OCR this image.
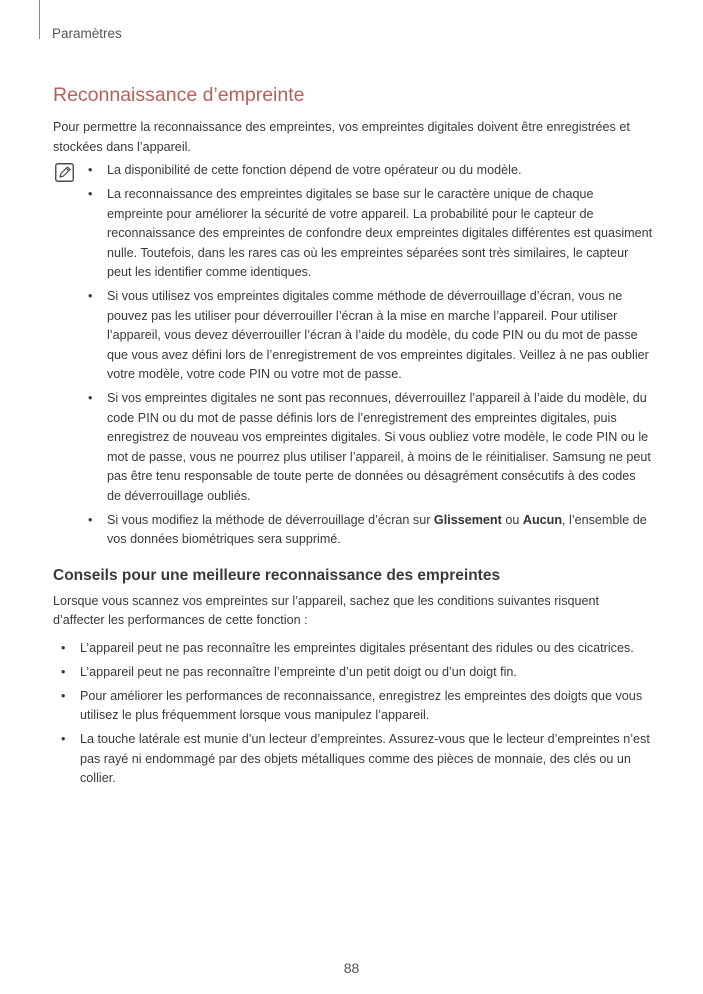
Paramètres
Reconnaissance d’empreinte

Pour permettre la reconnaissance des empreintes, vos empreintes digitales doivent être enregistrées et stockées dans l’appareil.

• La disponibilité de cette fonction dépend de votre opérateur ou du modèle.
• La reconnaissance des empreintes digitales se base sur le caractère unique de chaque empreinte pour améliorer la sécurité de votre appareil. La probabilité pour le capteur de reconnaissance des empreintes de confondre deux empreintes digitales différentes est quasiment nulle. Toutefois, dans les rares cas où les empreintes séparées sont très similaires, le capteur peut les identifier comme identiques.
• Si vous utilisez vos empreintes digitales comme méthode de déverrouillage d’écran, vous ne pouvez pas les utiliser pour déverrouiller l’écran à la mise en marche l’appareil. Pour utiliser l’appareil, vous devez déverrouiller l’écran à l’aide du modèle, du code PIN ou du mot de passe que vous avez défini lors de l’enregistrement de vos empreintes digitales. Veillez à ne pas oublier votre modèle, votre code PIN ou votre mot de passe.
• Si vos empreintes digitales ne sont pas reconnues, déverrouillez l’appareil à l’aide du modèle, du code PIN ou du mot de passe définis lors de l’enregistrement des empreintes digitales, puis enregistrez de nouveau vos empreintes digitales. Si vous oubliez votre modèle, le code PIN ou le mot de passe, vous ne pourrez plus utiliser l’appareil, à moins de le réinitialiser. Samsung ne peut pas être tenu responsable de toute perte de données ou désagrément consécutifs à des codes de déverrouillage oubliés.
• Si vous modifiez la méthode de déverrouillage d’écran sur Glissement ou Aucun, l’ensemble de vos données biométriques sera supprimé.
Conseils pour une meilleure reconnaissance des empreintes

Lorsque vous scannez vos empreintes sur l’appareil, sachez que les conditions suivantes risquent d’affecter les performances de cette fonction :

• L’appareil peut ne pas reconnaître les empreintes digitales présentant des ridules ou des cicatrices.
• L’appareil peut ne pas reconnaître l’empreinte d’un petit doigt ou d’un doigt fin.
• Pour améliorer les performances de reconnaissance, enregistrez les empreintes des doigts que vous utilisez le plus fréquemment lorsque vous manipulez l’appareil.
• La touche latérale est munie d’un lecteur d’empreintes. Assurez-vous que le lecteur d’empreintes n’est pas rayé ni endommagé par des objets métalliques comme des pièces de monnaie, des clés ou un collier.
88
